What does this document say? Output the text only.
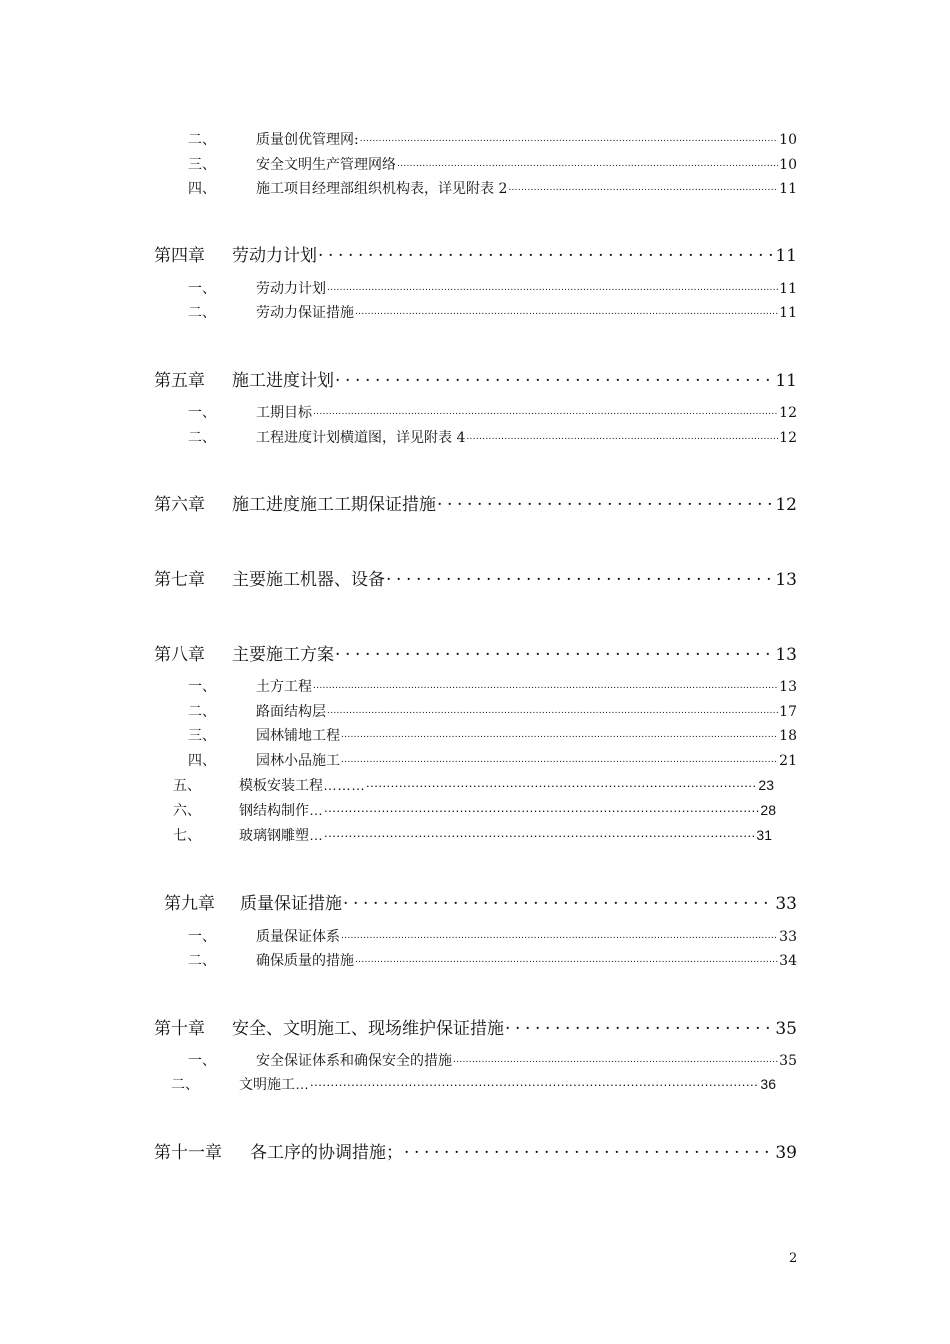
二、	质量创优管理网: .....	10
三、	安全文明生产管理网络 .....	10
四、	施工项目经理部组织机构表，详见附表 2 .....	11
第四章	劳动力计划 .....	11
一、	劳动力计划 .....	11
二、	劳动力保证措施 .....	11
第五章	施工进度计划 .....	11
一、	工期目标 .....	12
二、	工程进度计划横道图，详见附表 4 .....	12
第六章	施工进度施工工期保证措施 .....	12
第七章	主要施工机器、设备 .....	13
第八章	主要施工方案 .....	13
一、	土方工程 .....	13
二、	路面结构层 .....	17
三、	园林铺地工程 .....	18
四、	园林小品施工 .....	21
五、	模板安装工程……… .....	23
六、	钢结构制作… .....	28
七、	玻璃钢雕塑… .....	31
第九章	质量保证措施 .....	33
一、	质量保证体系 .....	33
二、	确保质量的措施 .....	34
第十章	安全、文明施工、现场维护保证措施 .....	35
一、	安全保证体系和确保安全的措施 .....	35
二、	文明施工… .....	36
第十一章	各工序的协调措施； .....	39
2
